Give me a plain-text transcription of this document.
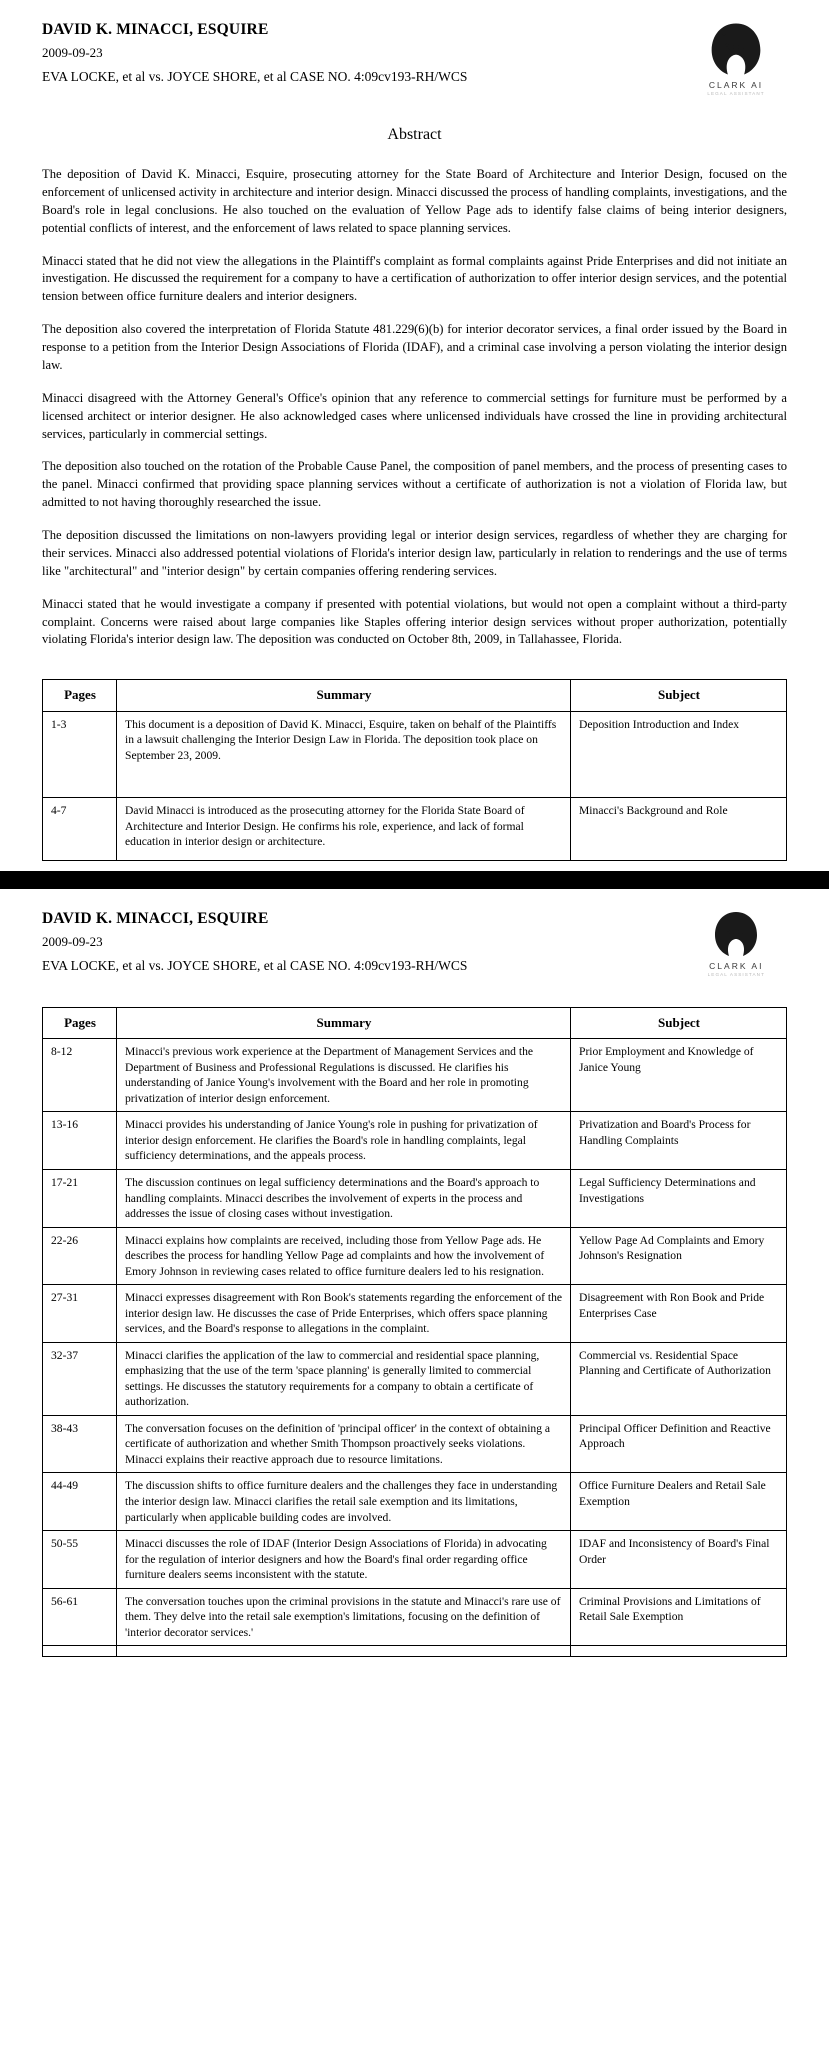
DAVID K. MINACCI, ESQUIRE
2009-09-23
EVA LOCKE, et al vs. JOYCE SHORE, et al CASE NO. 4:09cv193-RH/WCS
CLARK AI
LEGAL ASSISTANT
Abstract

The deposition of David K. Minacci, Esquire, prosecuting attorney for the State Board of Architecture and Interior Design, focused on the enforcement of unlicensed activity in architecture and interior design. Minacci discussed the process of handling complaints, investigations, and the Board's role in legal conclusions. He also touched on the evaluation of Yellow Page ads to identify false claims of being interior designers, potential conflicts of interest, and the enforcement of laws related to space planning services.

Minacci stated that he did not view the allegations in the Plaintiff's complaint as formal complaints against Pride Enterprises and did not initiate an investigation. He discussed the requirement for a company to have a certification of authorization to offer interior design services, and the potential tension between office furniture dealers and interior designers.

The deposition also covered the interpretation of Florida Statute 481.229(6)(b) for interior decorator services, a final order issued by the Board in response to a petition from the Interior Design Associations of Florida (IDAF), and a criminal case involving a person violating the interior design law.

Minacci disagreed with the Attorney General's Office's opinion that any reference to commercial settings for furniture must be performed by a licensed architect or interior designer. He also acknowledged cases where unlicensed individuals have crossed the line in providing architectural services, particularly in commercial settings.

The deposition also touched on the rotation of the Probable Cause Panel, the composition of panel members, and the process of presenting cases to the panel. Minacci confirmed that providing space planning services without a certificate of authorization is not a violation of Florida law, but admitted to not having thoroughly researched the issue.

The deposition discussed the limitations on non-lawyers providing legal or interior design services, regardless of whether they are charging for their services. Minacci also addressed potential violations of Florida's interior design law, particularly in relation to renderings and the use of terms like "architectural" and "interior design" by certain companies offering rendering services.

Minacci stated that he would investigate a company if presented with potential violations, but would not open a complaint without a third-party complaint. Concerns were raised about large companies like Staples offering interior design services without proper authorization, potentially violating Florida's interior design law. The deposition was conducted on October 8th, 2009, in Tallahassee, Florida.

Pages	Summary	Subject
1-3	This document is a deposition of David K. Minacci, Esquire, taken on behalf of the Plaintiffs in a lawsuit challenging the Interior Design Law in Florida. The deposition took place on September 23, 2009.	Deposition Introduction and Index
4-7	David Minacci is introduced as the prosecuting attorney for the Florida State Board of Architecture and Interior Design. He confirms his role, experience, and lack of formal education in interior design or architecture.	Minacci's Background and Role
DAVID K. MINACCI, ESQUIRE
2009-09-23
EVA LOCKE, et al vs. JOYCE SHORE, et al CASE NO. 4:09cv193-RH/WCS	CLARK AI
LEGAL ASSISTANT
Pages	Summary	Subject
8-12	Minacci's previous work experience at the Department of Management Services and the Department of Business and Professional Regulations is discussed. He clarifies his understanding of Janice Young's involvement with the Board and her role in promoting privatization of interior design enforcement.	Prior Employment and Knowledge of Janice Young
13-16	Minacci provides his understanding of Janice Young's role in pushing for privatization of interior design enforcement. He clarifies the Board's role in handling complaints, legal sufficiency determinations, and the appeals process.	Privatization and Board's Process for Handling Complaints
17-21	The discussion continues on legal sufficiency determinations and the Board's approach to handling complaints. Minacci describes the involvement of experts in the process and addresses the issue of closing cases without investigation.	Legal Sufficiency Determinations and Investigations
22-26	Minacci explains how complaints are received, including those from Yellow Page ads. He describes the process for handling Yellow Page ad complaints and how the involvement of Emory Johnson in reviewing cases related to office furniture dealers led to his resignation.	Yellow Page Ad Complaints and Emory Johnson's Resignation
27-31	Minacci expresses disagreement with Ron Book's statements regarding the enforcement of the interior design law. He discusses the case of Pride Enterprises, which offers space planning services, and the Board's response to allegations in the complaint.	Disagreement with Ron Book and Pride Enterprises Case
32-37	Minacci clarifies the application of the law to commercial and residential space planning, emphasizing that the use of the term 'space planning' is generally limited to commercial settings. He discusses the statutory requirements for a company to obtain a certificate of authorization.	Commercial vs. Residential Space Planning and Certificate of Authorization
38-43	The conversation focuses on the definition of 'principal officer' in the context of obtaining a certificate of authorization and whether Smith Thompson proactively seeks violations. Minacci explains their reactive approach due to resource limitations.	Principal Officer Definition and Reactive Approach
44-49	The discussion shifts to office furniture dealers and the challenges they face in understanding the interior design law. Minacci clarifies the retail sale exemption and its limitations, particularly when applicable building codes are involved.	Office Furniture Dealers and Retail Sale Exemption
50-55	Minacci discusses the role of IDAF (Interior Design Associations of Florida) in advocating for the regulation of interior designers and how the Board's final order regarding office furniture dealers seems inconsistent with the statute.	IDAF and Inconsistency of Board's Final Order
56-61	The conversation touches upon the criminal provisions in the statute and Minacci's rare use of them. They delve into the retail sale exemption's limitations, focusing on the definition of 'interior decorator services.'	Criminal Provisions and Limitations of Retail Sale Exemption
